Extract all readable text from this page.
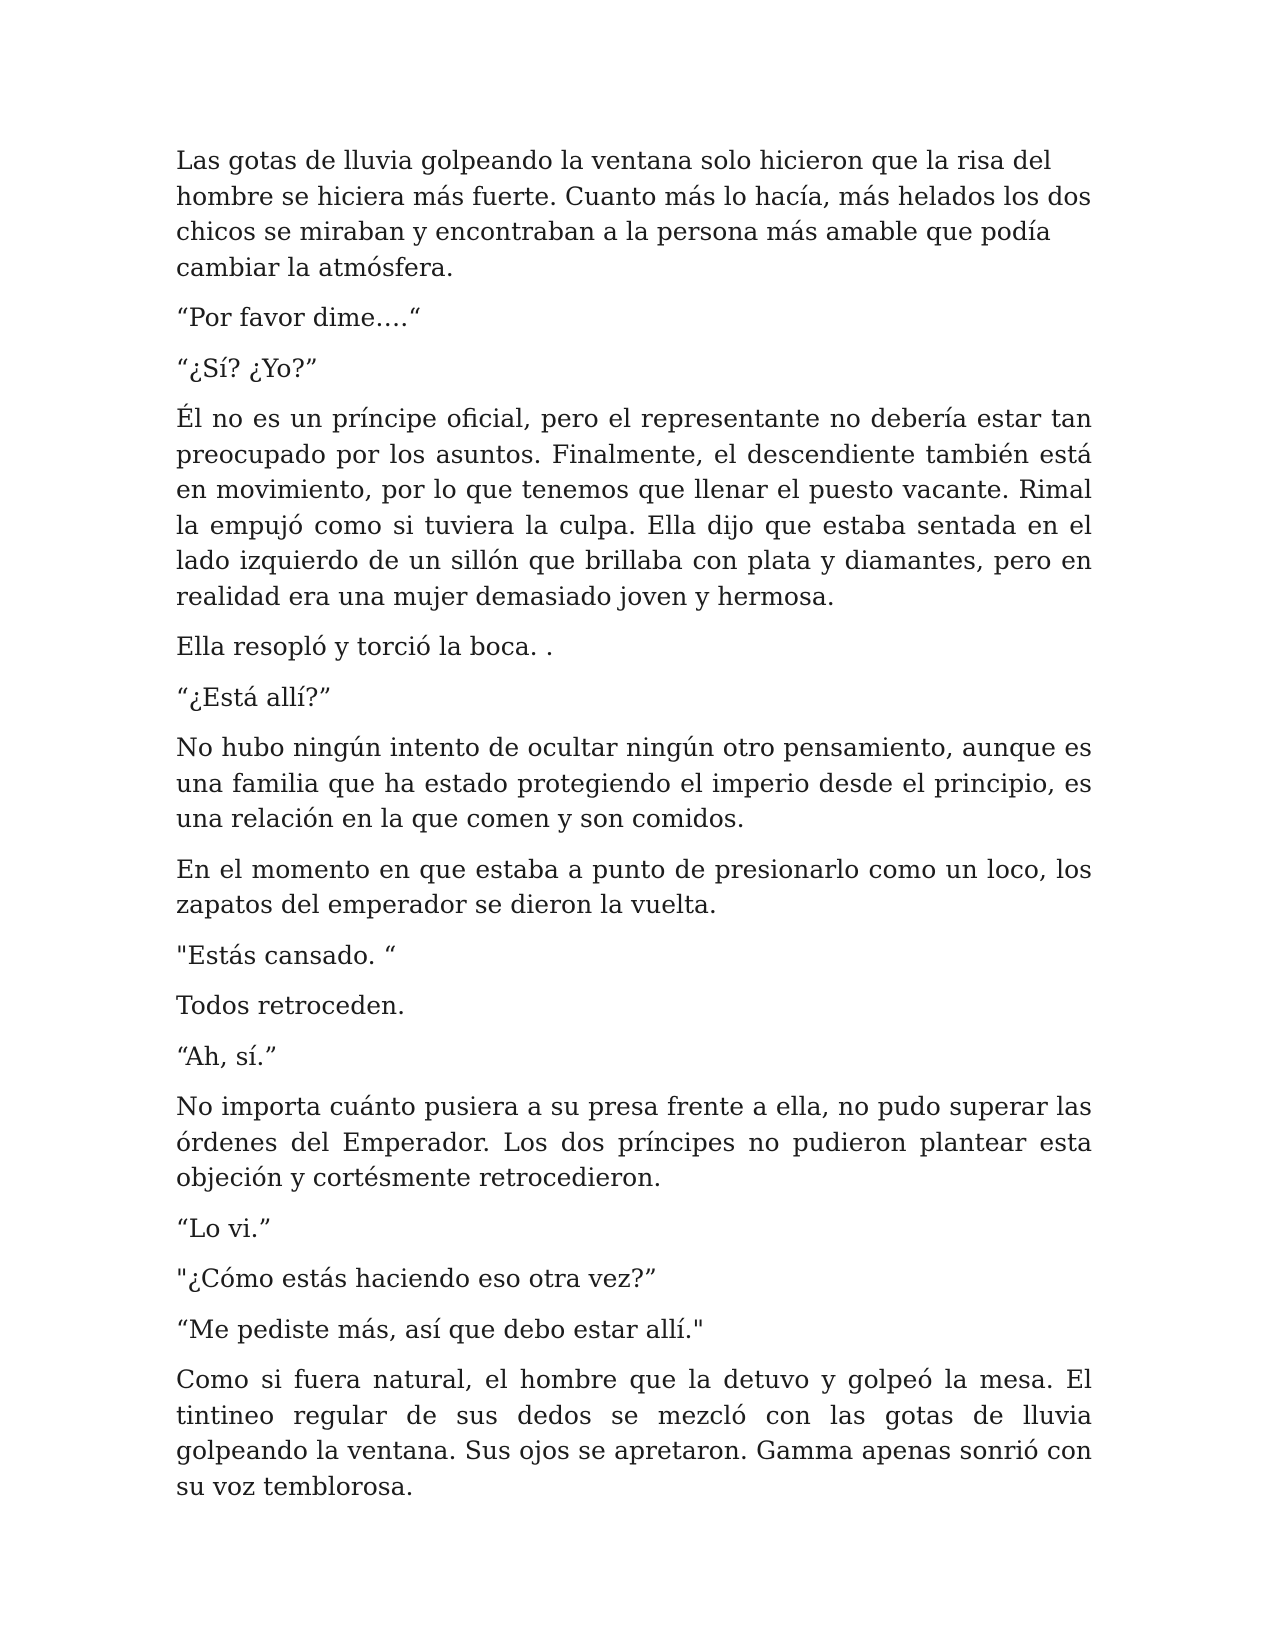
Las gotas de lluvia golpeando la ventana solo hicieron que la risa del hombre se hiciera más fuerte. Cuanto más lo hacía, más helados los dos chicos se miraban y encontraban a la persona más amable que podía cambiar la atmósfera.

“Por favor dime….“

“¿Sí? ¿Yo?”

Él no es un príncipe oficial, pero el representante no debería estar tan preocupado por los asuntos. Finalmente, el descendiente también está en movimiento, por lo que tenemos que llenar el puesto vacante. Rimal la empujó como si tuviera la culpa. Ella dijo que estaba sentada en el lado izquierdo de un sillón que brillaba con plata y diamantes, pero en realidad era una mujer demasiado joven y hermosa.

Ella resopló y torció la boca. .

“¿Está allí?”

No hubo ningún intento de ocultar ningún otro pensamiento, aunque es una familia que ha estado protegiendo el imperio desde el principio, es una relación en la que comen y son comidos.

En el momento en que estaba a punto de presionarlo como un loco, los zapatos del emperador se dieron la vuelta.

"Estás cansado. “

Todos retroceden.

“Ah, sí.”

No importa cuánto pusiera a su presa frente a ella, no pudo superar las órdenes del Emperador. Los dos príncipes no pudieron plantear esta objeción y cortésmente retrocedieron.

“Lo vi.”

"¿Cómo estás haciendo eso otra vez?”

“Me pediste más, así que debo estar allí."

Como si fuera natural, el hombre que la detuvo y golpeó la mesa. El tintineo regular de sus dedos se mezcló con las gotas de lluvia golpeando la ventana. Sus ojos se apretaron. Gamma apenas sonrió con su voz temblorosa.
